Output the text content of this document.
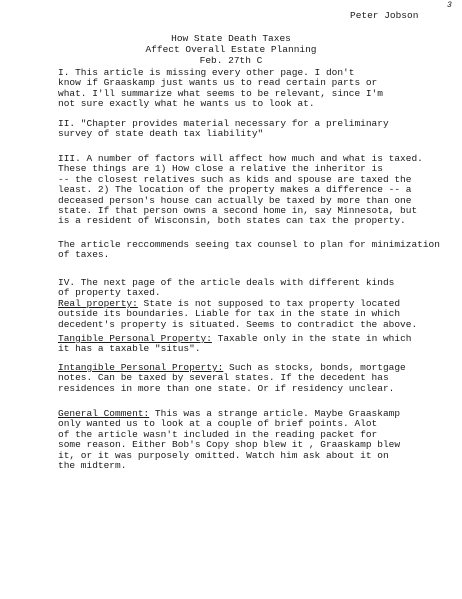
3
Peter Jobson
How State Death Taxes
Affect Overall Estate Planning
Feb. 27th C
I. This article is missing every other page. I don't
know if Graaskamp just wants us to read certain parts or
what. I'll summarize what seems to be relevant, since I'm
not sure exactly what he wants us to look at.
II. "Chapter provides material necessary for a preliminary
survey of state death tax liability"
III. A number of factors will affect how much and what is taxed.
These things are 1) How close a relative the inheritor is
-- the closest relatives such as kids and spouse are taxed the
least. 2) The location of the property makes a difference -- a
deceased person's house can actually be taxed by more than one
state. If that person owns a second home in, say Minnesota, but
is a resident of Wisconsin, both states can tax the property.
The article reccommends seeing tax counsel to plan for minimization
of taxes.
IV. The next page of the article deals with different kinds
of property taxed.
Real property: State is not supposed to tax property located
outside its boundaries. Liable for tax in the state in which
decedent's property is situated. Seems to contradict the above.
Tangible Personal Property: Taxable only in the state in which
it has a taxable "situs".
Intangible Personal Property: Such as stocks, bonds, mortgage
notes. Can be taxed by several states. If the decedent has
residences in more than one state. Or if residency unclear.
General Comment: This was a strange article. Maybe Graaskamp
only wanted us to look at a couple of brief points. Alot
of the article wasn't included in the reading packet for
some reason. Either Bob's Copy shop blew it , Graaskamp blew
it, or it was purposely omitted. Watch him ask about it on
the midterm.
